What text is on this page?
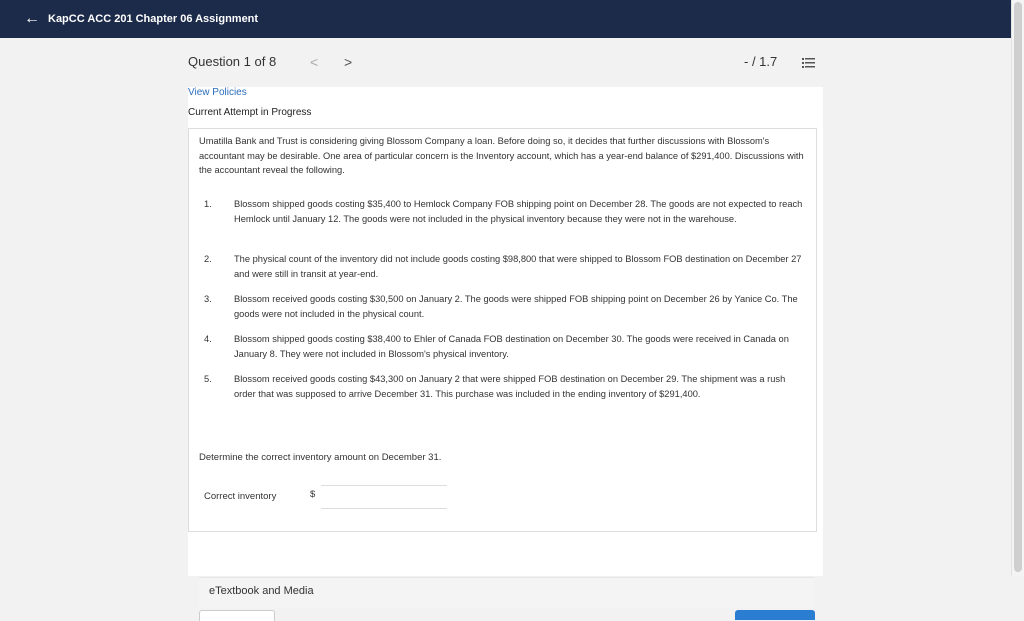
← KapCC ACC 201 Chapter 06 Assignment
Question 1 of 8 < >	- / 1.7
View Policies
Current Attempt in Progress
Umatilla Bank and Trust is considering giving Blossom Company a loan. Before doing so, it decides that further discussions with Blossom's accountant may be desirable. One area of particular concern is the Inventory account, which has a year-end balance of $291,400. Discussions with the accountant reveal the following.
1. Blossom shipped goods costing $35,400 to Hemlock Company FOB shipping point on December 28. The goods are not expected to reach Hemlock until January 12. The goods were not included in the physical inventory because they were not in the warehouse.
2. The physical count of the inventory did not include goods costing $98,800 that were shipped to Blossom FOB destination on December 27 and were still in transit at year-end.
3. Blossom received goods costing $30,500 on January 2. The goods were shipped FOB shipping point on December 26 by Yanice Co. The goods were not included in the physical count.
4. Blossom shipped goods costing $38,400 to Ehler of Canada FOB destination on December 30. The goods were received in Canada on January 8. They were not included in Blossom's physical inventory.
5. Blossom received goods costing $43,300 on January 2 that were shipped FOB destination on December 29. The shipment was a rush order that was supposed to arrive December 31. This purchase was included in the ending inventory of $291,400.
Determine the correct inventory amount on December 31.
Correct inventory	$
eTextbook and Media
